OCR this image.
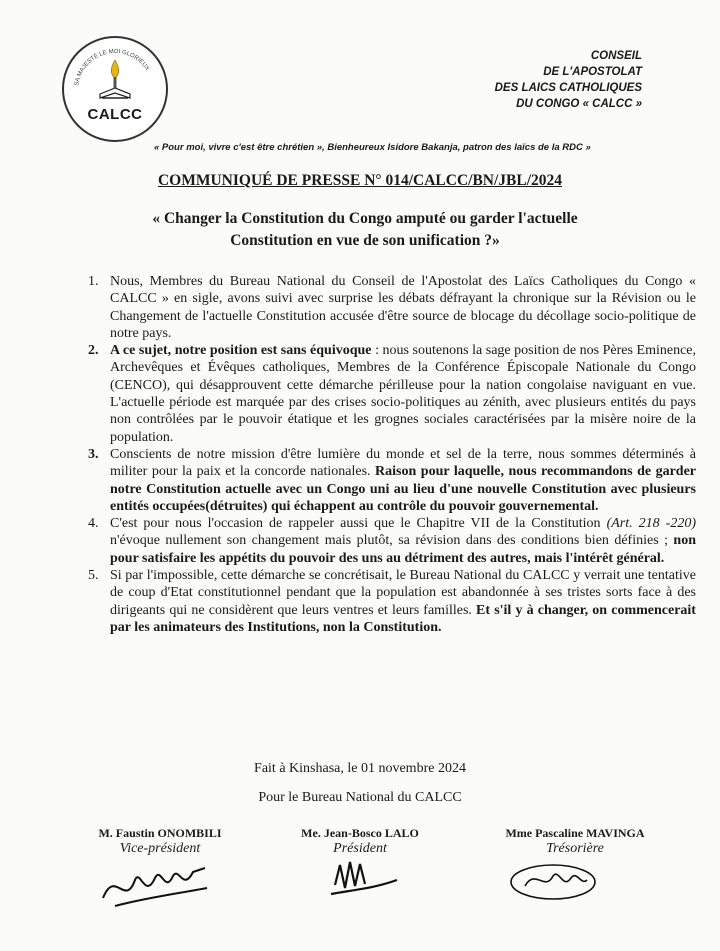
SA MAJESTÉ LE MOI GLORIEUX
CALCC
CONSEIL
DE L'APOSTOLAT
DES LAICS CATHOLIQUES
DU CONGO « CALCC »
« Pour moi, vivre c'est être chrétien », Bienheureux Isidore Bakanja, patron des laïcs de la RDC »
COMMUNIQUÉ DE PRESSE N° 014/CALCC/BN/JBL/2024
« Changer la Constitution du Congo amputé ou garder l'actuelle Constitution en vue de son unification ?»
1. Nous, Membres du Bureau National du Conseil de l'Apostolat des Laïcs Catholiques du Congo « CALCC » en sigle, avons suivi avec surprise les débats défrayant la chronique sur la Révision ou le Changement de l'actuelle Constitution accusée d'être source de blocage du décollage socio-politique de notre pays.
2. A ce sujet, notre position est sans équivoque : nous soutenons la sage position de nos Pères Eminence, Archevêques et Évêques catholiques, Membres de la Conférence Épiscopale Nationale du Congo (CENCO), qui désapprouvent cette démarche périlleuse pour la nation congolaise naviguant en vue. L'actuelle période est marquée par des crises socio-politiques au zénith, avec plusieurs entités du pays non contrôlées par le pouvoir étatique et les grognes sociales caractérisées par la misère noire de la population.
3. Conscients de notre mission d'être lumière du monde et sel de la terre, nous sommes déterminés à militer pour la paix et la concorde nationales. Raison pour laquelle, nous recommandons de garder notre Constitution actuelle avec un Congo uni au lieu d'une nouvelle Constitution avec plusieurs entités occupées(détruites) qui échappent au contrôle du pouvoir gouvernemental.
4. C'est pour nous l'occasion de rappeler aussi que le Chapitre VII de la Constitution (Art. 218 -220) n'évoque nullement son changement mais plutôt, sa révision dans des conditions bien définies ; non pour satisfaire les appétits du pouvoir des uns au détriment des autres, mais l'intérêt général.
5. Si par l'impossible, cette démarche se concrétisait, le Bureau National du CALCC y verrait une tentative de coup d'Etat constitutionnel pendant que la population est abandonnée à ses tristes sorts face à des dirigeants qui ne considèrent que leurs ventres et leurs familles. Et s'il y à changer, on commencerait par les animateurs des Institutions, non la Constitution.
Fait à Kinshasa, le 01 novembre 2024
Pour le Bureau National du CALCC
M. Faustin ONOMBILI
Vice-président
Me. Jean-Bosco LALO
Président
Mme Pascaline MAVINGA
Trésorière
